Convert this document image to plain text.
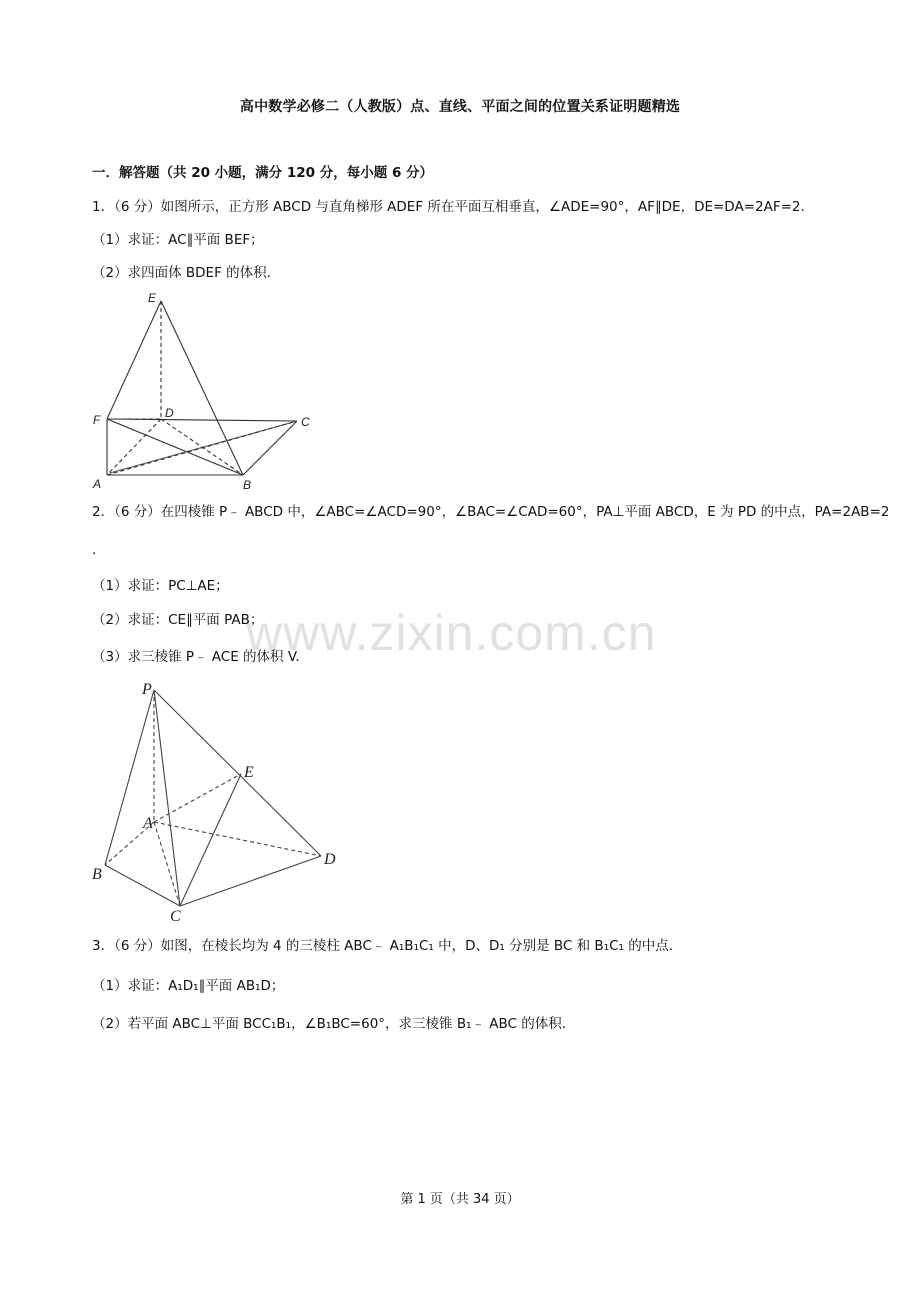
www.zixin.com.cn
高中数学必修二（人教版）点、直线、平面之间的位置关系证明题精选
一．解答题（共 20 小题，满分 120 分，每小题 6 分）
1．（6 分）如图所示，正方形 ABCD 与直角梯形 ADEF 所在平面互相垂直，∠ADE=90°，AF∥DE，DE=DA=2AF=2.
（1）求证：AC∥平面 BEF；
（2）求四面体 BDEF 的体积.
E
D
F	C
A	B
2．（6 分）在四棱锥 P﹣ ABCD 中，∠ABC=∠ACD=90°，∠BAC=∠CAD=60°，PA⊥平面 ABCD，E 为 PD 的中点，PA=2AB=2
.
（1）求证：PC⊥AE；
（2）求证：CE∥平面 PAB；
（3）求三棱锥 P﹣ ACE 的体积 V.
P
E
A
D
B
C
3．（6 分）如图，在棱长均为 4 的三棱柱 ABC﹣ A₁B₁C₁ 中，D、D₁ 分别是 BC 和 B₁C₁ 的中点.
（1）求证：A₁D₁∥平面 AB₁D；
（2）若平面 ABC⊥平面 BCC₁B₁，∠B₁BC=60°，求三棱锥 B₁﹣ ABC 的体积.
第 1 页（共 34 页）
